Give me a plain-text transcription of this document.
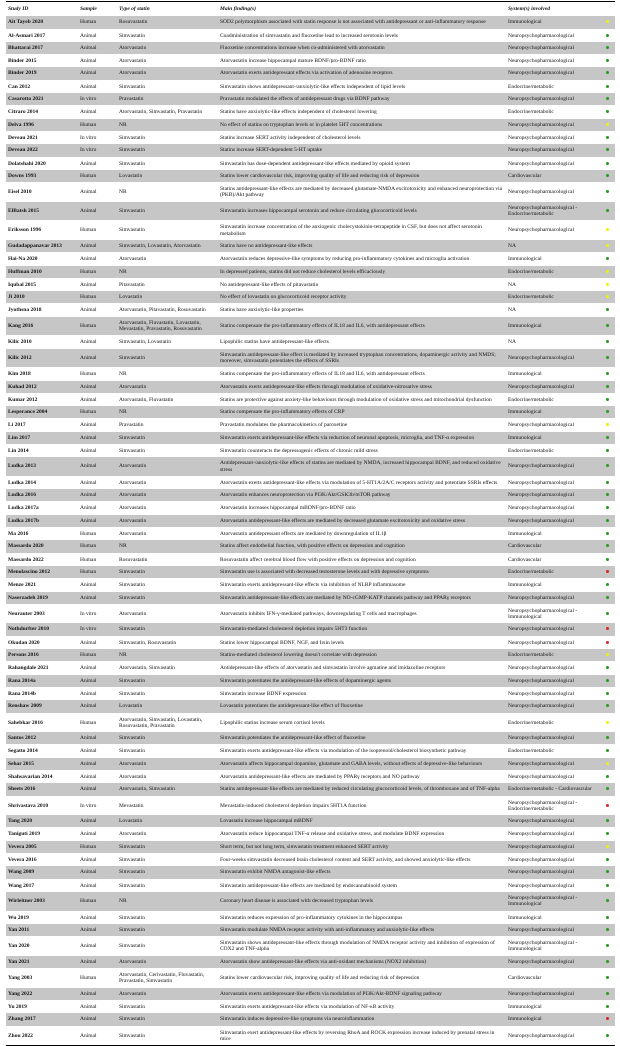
Study ID	Sample	Type of statin	Main finding(s)	System(s) involved	
Ait Tayeb 2020	Human	Rosuvastatin	SOD2 polymorphism associated with statin response is not associated with antidepressant or anti-inflammatory response	Immunological	
Al-Asmari 2017	Animal	Simvastatin	Coadministration of simvastatin and fluoxetine lead to increased serotonin levels	Neuropsychopharmacological	
Bhattarai 2017	Animal	Atorvastatin	Fluoxetine concentrations increase when co-administered with atorvastatin	Neuropsychopharmacological	
Binder 2015	Animal	Atorvastatin	Atorvastatin increase hippocampal mature BDNF/pro-BDNF ratio	Neuropsychopharmacological	
Binder 2019	Animal	Atorvastatin	Atorvastatin exerts antidepressant effects via activation of adenosine receptors	Neuropsychopharmacological	
Can 2012	Animal	Simvastatin	Simvastatin shows antidepressant-/anxiolytic-like effects independent of lipid levels	Endocrine/metabolic	
Casarotto 2021	In vitro	Pravastatin	Pravastatin modulated the effects of antidepressant drugs via BDNF pathway	Neuropsychopharmacological	
Citraro 2014	Animal	Atorvastatin, Simvastatin, Pravastatin	Statins have anxiolytic-like effects independent of cholesterol lowering	Endocrine/metabolic	
Delva 1996	Human	NR	No effect of statins on tryptophan levels or in platelet 5HT concentrations	Neuropsychopharmacological	
Deveau 2021	In vitro	Simvastatin	Statins increase SERT activity independent of cholesterol levels	Neuropsychopharmacological	
Deveau 2022	In vitro	Simvastatin	Statins increase SERT-dependent 5-HT uptake	Neuropsychopharmacological	
Dolatshahi 2020	Animal	Simvastatin	Simvastatin has dose-dependent antidepressant-like effects mediated by opioid system	Neuropsychopharmacological	
Downs 1993	Human	Lovastatin	Statins lower cardiovascular risk, improving quality of life and reducing risk of depression	Cardiovascular	
Eisel 2010	Animal	NR	Statins antidepressant-like effects are mediated by decreased glutamate-NMDA excitotoxicity and enhanced neuroprotection via (PKB)/Akt pathway	Neuropsychopharmacological	
ElBatsh 2015	Animal	Simvastatin	Simvastatin increases hippocampal serotonin and reduce circulating glucocorticoid levels	Neuropsychopharmacological - Endocrine/metabolic	
Eriksson 1996	Human	Simvastatin	Simvastatin increase concentration of the anxiogenic cholecystokinin-tetrapeptide in CSF, but does not affect serotonin metabolism	Neuropsychopharmacological	
Gudadappanavar 2013	Animal	Simvastatin, Lovastatin, Atorvastatin	Statins have no antidepressant-like effects	NA	
Hai-Na 2020	Animal	Atorvastatin	Atorvastatin reduces depressive-like symptoms by reducing pro-inflammatory cytokines and microglia activation	Immunological	
Huffman 2010	Human	NR	In depressed patients, statins did not reduce cholesterol levels efficaciously	Endocrine/metabolic	
Iqubal 2015	Animal	Pitavastatin	No antidepressant-like effects of pitavastatin	NA	
Ji 2010	Human	Lovastatin	No effect of lovastatin on glucocorticoid receptor activity	Endocrine/metabolic	
Jyothsna 2018	Animal	Atorvastatin, Pitavastatin, Rosuvastatin	Statins have anxiolytic-like properties	NA	
Kang 2016	Human	Atorvastatin, Fluvastatin, Lovastatin, Mevastatin, Pravastatin, Rosuvastatin	Statins compensate the pro-inflammatory effects of IL18 and IL6, with antidepressant effects	Immunological	
Kilic 2010	Animal	Simvastatin, Lovastatin	Lipophilic statins have antidepressant-like effects	NA	
Kilic 2012	Animal	Simvastatin	Simvastatin antidepressant-like effect is mediated by increased tryptophan concentrations, dopaminergic activity and NMDS; moreover, simvastatin potentiates the effects of SSRIs	Neuropsychopharmacological	
Kim 2018	Human	NR	Statins compensate the pro-inflammatory effects of IL18 and IL6, with antidepressant effects	Immunological	
Kuhad 2012	Animal	Atorvastatin	Atorvastatin exerts antidepressant-like effects through modulation of oxidative-nitrosative stress	Neuropsychopharmacological	
Kumar 2012	Animal	Atorvastatin, Fluvastatin	Statins are protective against anxiety-like behaviours through modulation of oxidative stress and mitochondrial dysfunction	Endocrine/metabolic	
Lesperance 2004	Human	NR	Statins compensate the pro-inflammatory effects of CRP	Immunological	
Li 2017	Animal	Pravastatin	Pravastatin modulates the pharmacokinetics of paroxetine	Neuropsychopharmacological	
Lim 2017	Animal	Simvastatin	Simvastatin exerts antidepressant-like effects via reduction of neuronal apoptosis, microglia, and TNF-α expression	Immunological	
Lin 2014	Animal	Simvastatin	Simvastatin counteracts the depressogenic effects of chronic mild stress	Endocrine/metabolic	
Ludka 2013	Animal	Atorvastatin	Antidepressant-/anxiolytic-like effects of statins are mediated by NMDA, increased hippocampal BDNF, and reduced oxidative stress	Neuropsychopharmacological	
Ludka 2014	Animal	Atorvastatin	Atorvastatin exerts antidepressant-like effects via modulation of 5-HT1A/2A/C receptors activity and potentiate SSRIs effects	Neuropsychopharmacological	
Ludka 2016	Animal	Atorvastatin	Atorvastatin enhances neuroprotection via PI3K/Akt/GSK3b/mTOR pathway	Neuropsychopharmacological	
Ludka 2017a	Animal	Atorvastatin	Atorvastatin increases hippocampal mBDNF/pro-BDNF ratio	Neuropsychopharmacological	
Ludka 2017b	Animal	Atorvastatin	Atorvastatin antidepressant-like effects are mediated by decreased glutamate excitotoxicity and oxidative stress	Neuropsychopharmacological	
Ma 2016	Human	Atorvastatin	Atorvastatin antidepressant effects are mediated by downregulation of IL1β	Immunological	
Massardo 2020	Human	NR	Statins affect endothelial function, with positive effects on depression and cognition	Cardiovascular	
Massardo 2022	Human	Rosuvastatin	Rosuvastatin affect cerebral blood flow with positive effects on depression and cognition	Cardiovascular	
Menolascino 2012	Human	Simvastatin	Simvastatin use is associated with decreased testosterone levels and with depressive symptoms	Endocrine/metabolic	
Menze 2021	Animal	Simvastatin	Simvastatin exerts antidepressant-like effects via inhibition of NLRP inflammasome	Immunological	
Naserzadeh 2019	Animal	Simvastatin	Simvastatin antidepressant-like effects are mediated by NO-cGMP-KATP channels pathway and PPARγ receptors	Neuropsychopharmacological	
Neurauter 2003	In vitro	Atorvastatin	Atorvastatin inhibits IFN-γ-mediated pathways, downregulating T cells and macrophages	Neuropsychopharmacological - Immunological	
Nothdurfter 2010	In vitro	Simvastatin	Simvastatin-mediated cholesterol depletion impairs 5HT3 function	Neuropsychopharmacological	
Okudan 2020	Animal	Simvastatin, Rosuvastatin	Statins lower hippocampal BDNF, NGF, and Irsin levels	Neuropsychopharmacological	
Persons 2016	Human	NR	Statins-mediated cholesterol lowering doesn't correlate with depression	Endocrine/metabolic	
Rahangdale 2021	Animal	Atorvastatin, Simvastatin	Antidepressant-like effects of atorvastatin and simvastatin involve agmatine and imidazoline receptors	Neuropsychopharmacological	
Rana 2014a	Animal	Simvastatin	Simvastatin potentiates the antidepressant-like effects of dopaminergic agents	Neuropsychopharmacological	
Rana 2014b	Animal	Simvastatin	Simvastatin increase BDNF expression	Neuropsychopharmacological	
Renshaw 2009	Animal	Lovastatin	Lovastatin potentiates the antidepressant-like effect of fluoxetine	Neuropsychopharmacological	
Sahebkar 2016	Human	Atorvastatin, Simvastatin, Lovastatin, Rosuvastatin, Pravastatin	Lipophilic statins increase serum cortisol levels	Endocrine/metabolic	
Santos 2012	Animal	Simvastatin	Simvastatin potentiates the antidepressant-like effect of fluoxetine	Neuropsychopharmacological	
Segatto 2014	Animal	Simvastatin	Simvastatin exerts antidepressant-like effects via modulation of the isoprenoid/cholesterol biosynthetic pathway	Endocrine/metabolic	
Sehar 2015	Animal	Atorvastatin	Atorvastatin affects hippocampal dopamine, glutamate and GABA levels, without effects of depressive-like behaviours	Neuropsychopharmacological	
Shahsavarian 2014	Animal	Atorvastatin	Atorvastatin antidepressant-like effects are mediated by PPARγ receptors and NO pathway	Neuropsychopharmacological	
Sheets 2016	Animal	Atorvastatin, Simvastatin	Statins antidepressant-like effects are mediated by reduced circulating glucocorticoid levels, of thromboxane and of TNF-alpha	Endocrine/metabolic - Cardiovascular	
Shrivastava 2010	In vitro	Mevastatin	Mevastatin-induced cholesterol depletion impairs 5HT1A function	Neuropsychopharmacological - Endocrine/metabolic	
Tang 2020	Animal	Lovastatin	Lovastatin increase hippocampal mBDNF	Neuropsychopharmacological	
Taniguti 2019	Animal	Atorvastatin	Atorvastatin reduce hippocampal TNF-α release and oxidative stress, and modulate BDNF expression	Neuropsychopharmacological	
Vevera 2005	Human	Simvastatin	Short term, but not long term, simvastatin treatment enhanced SERT activity	Neuropsychopharmacological	
Vevera 2016	Animal	Simvastatin	Four-weeks simvastatin decreased brain cholesterol content and SERT activity, and showed anxiolytic-like effects	Neuropsychopharmacological	
Wang 2009	Animal	Simvastatin	Simvastatin exhibit NMDA antagonist-like effects	Neuropsychopharmacological	
Wang 2017	Animal	Simvastatin	Simvastatin antidepressant-like effects are mediated by endocannabinoid system	Neuropsychopharmacological	
Wirleitner 2003	Human	NR	Coronary heart disease is associated with decreased tryptophan levels	Neuropsychopharmacological - Immunological	
Wu 2019	Animal	Simvastatin	Simvastatin reduces expression of pro-inflammatory cytokines in the hippocampus	Immunological	
Yan 2011	Animal	Simvastatin	Simvastatin modulate NMDA receptor activity with anti-inflammatory and anxiolytic-like effects	Neuropsychopharmacological	
Yan 2020	Animal	Simvastatin	Simvastatin shows antidepressant-like effects through modulation of NMDA receptor activity and inhibition of expression of COX2 and TNF-alpha	Neuropsychopharmacological - Immunological	
Yan 2021	Animal	Atorvastatin	Atorvastatin show antidepressant-like effects via anti-oxidant mechanisms (NOX2 inhibition)	Neuropsychopharmacological	
Yang 2003	Human	Atorvastatin, Cerivastatin, Fluvastatin, Pravastatin, Simvastatin	Statins lower cardiovascular risk, improving quality of life and reducing risk of depression	Cardiovascular	
Yang 2022	Animal	Atorvastatin	Atorvastatin exerts antidepressant-like effects via modulation of PI3K/Akt-BDNF signaling pathway	Neuropsychopharmacological	
Yu 2019	Animal	Simvastatin	Simvastatin exerts antidepressant-like effects via modulation of NF-κB activity	Immunological	
Zhang 2017	Animal	Simvastatin	Simvastatin induces depressive-like symptoms via neuroinflammation	Immunological	
Zhou 2022	Animal	Simvastatin	Simvastatin exert antidepressant-like effects by reversing RhoA and ROCK expression increase induced by prenatal stress in mice	Neuropsychopharmacological	
